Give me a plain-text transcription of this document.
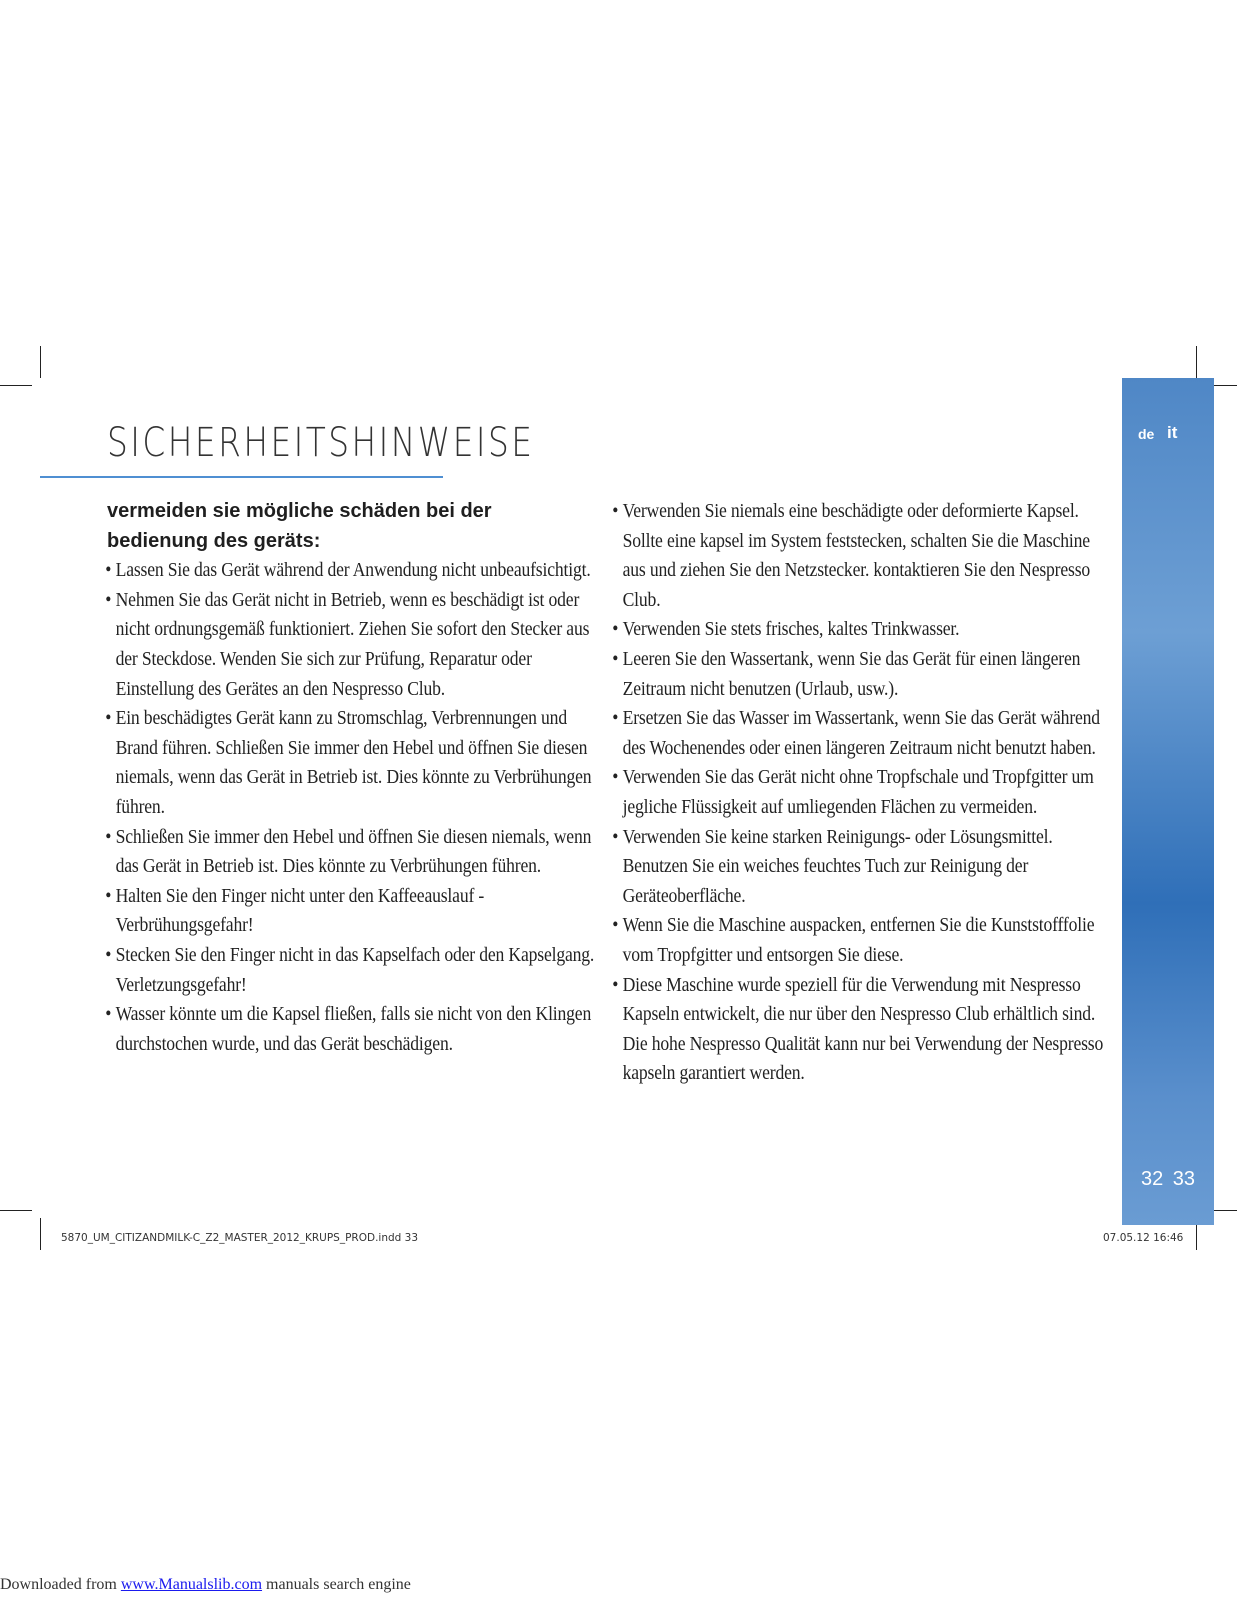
SICHERHEITSHINWEISE

vermeiden sie mögliche schäden bei der bedienung des geräts:

• Lassen Sie das Gerät während der Anwendung nicht unbeaufsichtigt.
• Nehmen Sie das Gerät nicht in Betrieb, wenn es beschädigt ist oder nicht ordnungsgemäß funktioniert. Ziehen Sie sofort den Stecker aus der Steckdose. Wenden Sie sich zur Prüfung, Reparatur oder Einstellung des Gerätes an den Nespresso Club.
• Ein beschädigtes Gerät kann zu Stromschlag, Verbrennungen und Brand führen. Schließen Sie immer den Hebel und öffnen Sie diesen niemals, wenn das Gerät in Betrieb ist. Dies könnte zu Verbrühungen führen.
• Schließen Sie immer den Hebel und öffnen Sie diesen niemals, wenn das Gerät in Betrieb ist. Dies könnte zu Verbrühungen führen.
• Halten Sie den Finger nicht unter den Kaffeeauslauf - Verbrühungsgefahr!
• Stecken Sie den Finger nicht in das Kapselfach oder den Kapselgang. Verletzungsgefahr!
• Wasser könnte um die Kapsel fließen, falls sie nicht von den Klingen durchstochen wurde, und das Gerät beschädigen.
• Verwenden Sie niemals eine beschädigte oder deformierte Kapsel. Sollte eine kapsel im System feststecken, schalten Sie die Maschine aus und ziehen Sie den Netzstecker. kontaktieren Sie den Nespresso Club.
• Verwenden Sie stets frisches, kaltes Trinkwasser.
• Leeren Sie den Wassertank, wenn Sie das Gerät für einen längeren Zeitraum nicht benutzen (Urlaub, usw.).
• Ersetzen Sie das Wasser im Wassertank, wenn Sie das Gerät während des Wochenendes oder einen längeren Zeitraum nicht benutzt haben.
• Verwenden Sie das Gerät nicht ohne Tropfschale und Tropfgitter um jegliche Flüssigkeit auf umliegenden Flächen zu vermeiden.
• Verwenden Sie keine starken Reinigungs- oder Lösungsmittel. Benutzen Sie ein weiches feuchtes Tuch zur Reinigung der Geräteoberfläche.
• Wenn Sie die Maschine auspacken, entfernen Sie die Kunststofffolie vom Tropfgitter und entsorgen Sie diese.
• Diese Maschine wurde speziell für die Verwendung mit Nespresso Kapseln entwickelt, die nur über den Nespresso Club erhältlich sind. Die hohe Nespresso Qualität kann nur bei Verwendung der Nespresso kapseln garantiert werden.
de it
32 33
5870_UM_CITIZANDMILK-C_Z2_MASTER_2012_KRUPS_PROD.indd 33	07.05.12 16:46
Downloaded from www.Manualslib.com manuals search engine
